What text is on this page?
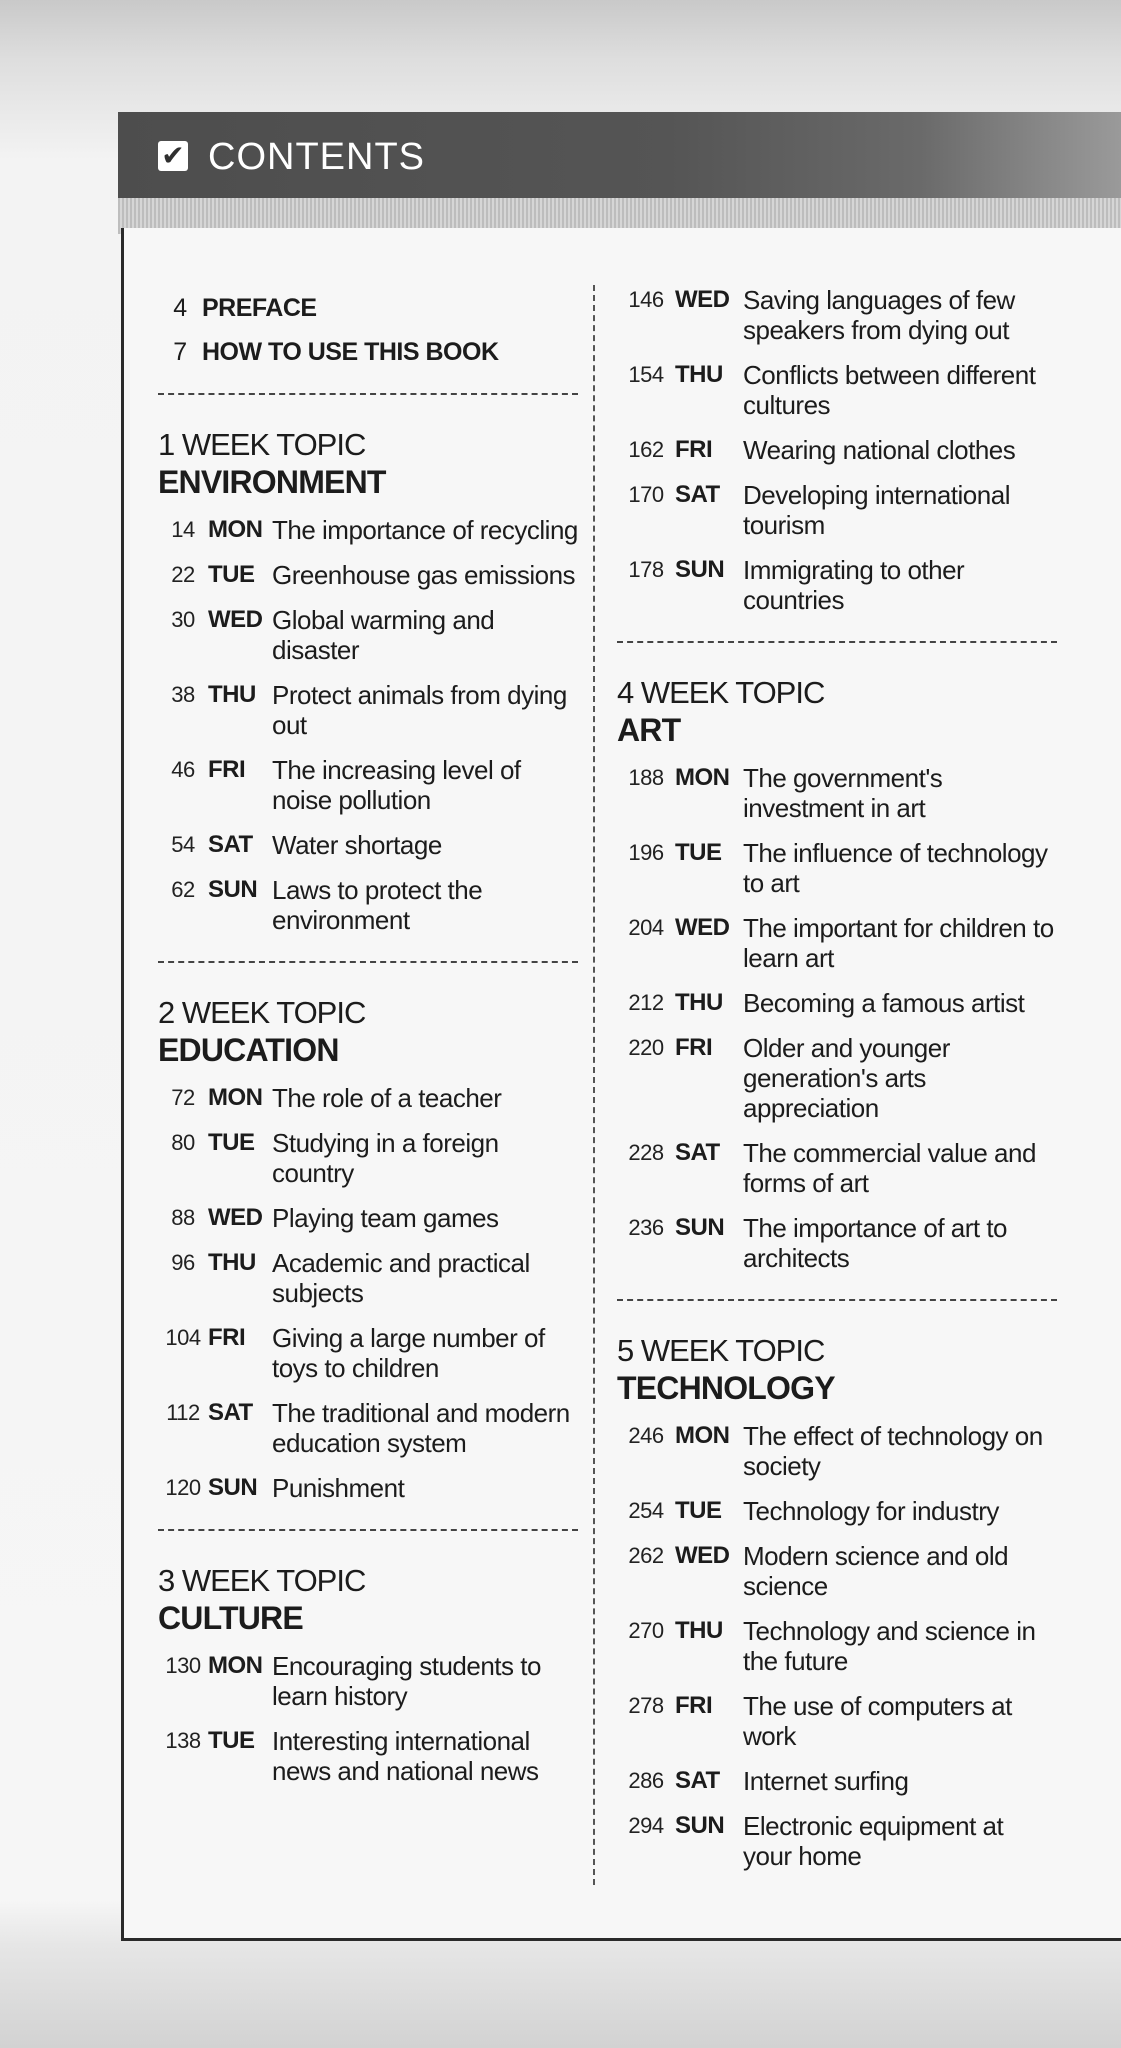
✔ CONTENTS
4 PREFACE
7 HOW TO USE THIS BOOK
1 WEEK TOPIC
ENVIRONMENT
14 MON The importance of recycling
22 TUE Greenhouse gas emissions
30 WED Global warming and disaster
38 THU Protect animals from dying out
46 FRI	The increasing level of noise pollution
54 SAT Water shortage
62 SUN Laws to protect the environment
2 WEEK TOPIC
EDUCATION
72 MON The role of a teacher
80 TUE Studying in a foreign country
88 WED Playing team games
96 THU Academic and practical subjects
104 FRI	Giving a large number of toys to children
112 SAT The traditional and modern education system
120 SUN Punishment
3 WEEK TOPIC
CULTURE
130 MON Encouraging students to learn history
138 TUE Interesting international news and national news
146 WED Saving languages of few speakers from dying out
154 THU Conflicts between different cultures
162 FRI	Wearing national clothes
170 SAT Developing international tourism
178 SUN Immigrating to other countries
4 WEEK TOPIC
ART
188 MON The government's investment in art
196 TUE The influence of technology to art
204 WED The important for children to learn art
212 THU Becoming a famous artist
220 FRI	Older and younger generation's arts appreciation
228 SAT The commercial value and forms of art
236 SUN The importance of art to architects
5 WEEK TOPIC
TECHNOLOGY
246 MON The effect of technology on society
254 TUE Technology for industry
262 WED Modern science and old science
270 THU Technology and science in the future
278 FRI	The use of computers at work
286 SAT Internet surfing
294 SUN Electronic equipment at your home
